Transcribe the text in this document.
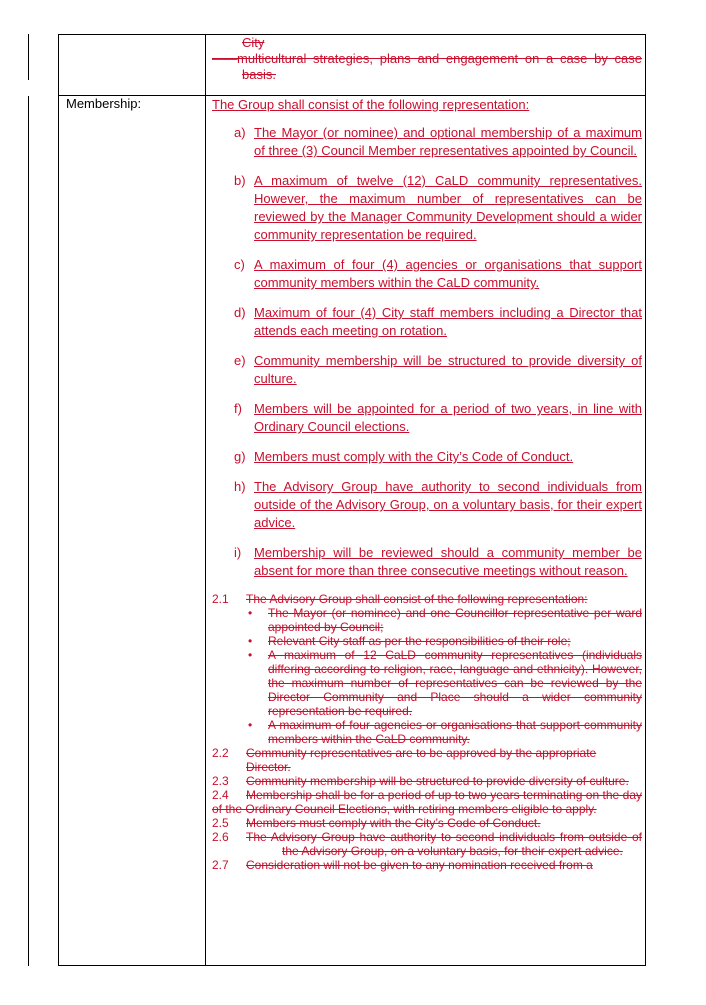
City
——multicultural strategies, plans and engagement on a case by case
basis.
Membership:	The Group shall consist of the following representation:

a) The Mayor (or nominee) and optional membership of a maximum of three (3) Council Member representatives appointed by Council.
b) A maximum of twelve (12) CaLD community representatives. However, the maximum number of representatives can be reviewed by the Manager Community Development should a wider community representation be required.
c) A maximum of four (4) agencies or organisations that support community members within the CaLD community.
d) Maximum of four (4) City staff members including a Director that attends each meeting on rotation.
e) Community membership will be structured to provide diversity of culture.
f) Members will be appointed for a period of two years, in line with Ordinary Council elections.
g) Members must comply with the City’s Code of Conduct.
h) The Advisory Group have authority to second individuals from outside of the Advisory Group, on a voluntary basis, for their expert advice.
i) Membership will be reviewed should a community member be absent for more than three consecutive meetings without reason.

2.1 The Advisory Group shall consist of the following representation:

• The Mayor (or nominee) and one Councillor representative per ward appointed by Council;

• Relevant City staff as per the responsibilities of their role;

• A maximum of 12 CaLD community representatives (individuals differing according to religion, race, language and ethnicity). However, the maximum number of representatives can be reviewed by the Director Community and Place should a wider community representation be required.

• A maximum of four agencies or organisations that support community members within the CaLD community.

2.2 Community representatives are to be approved by the appropriate

Director.

2.3 Community membership will be structured to provide diversity of culture.

2.4 Membership shall be for a period of up to two years terminating on the day of the Ordinary Council Elections, with retiring members eligible to apply.

2.5 Members must comply with the City’s Code of Conduct.

2.6 The Advisory Group have authority to second individuals from outside ofthe Advisory Group, on a voluntary basis, for their expert advice.

2.7 Consideration will not be given to any nomination received from a
